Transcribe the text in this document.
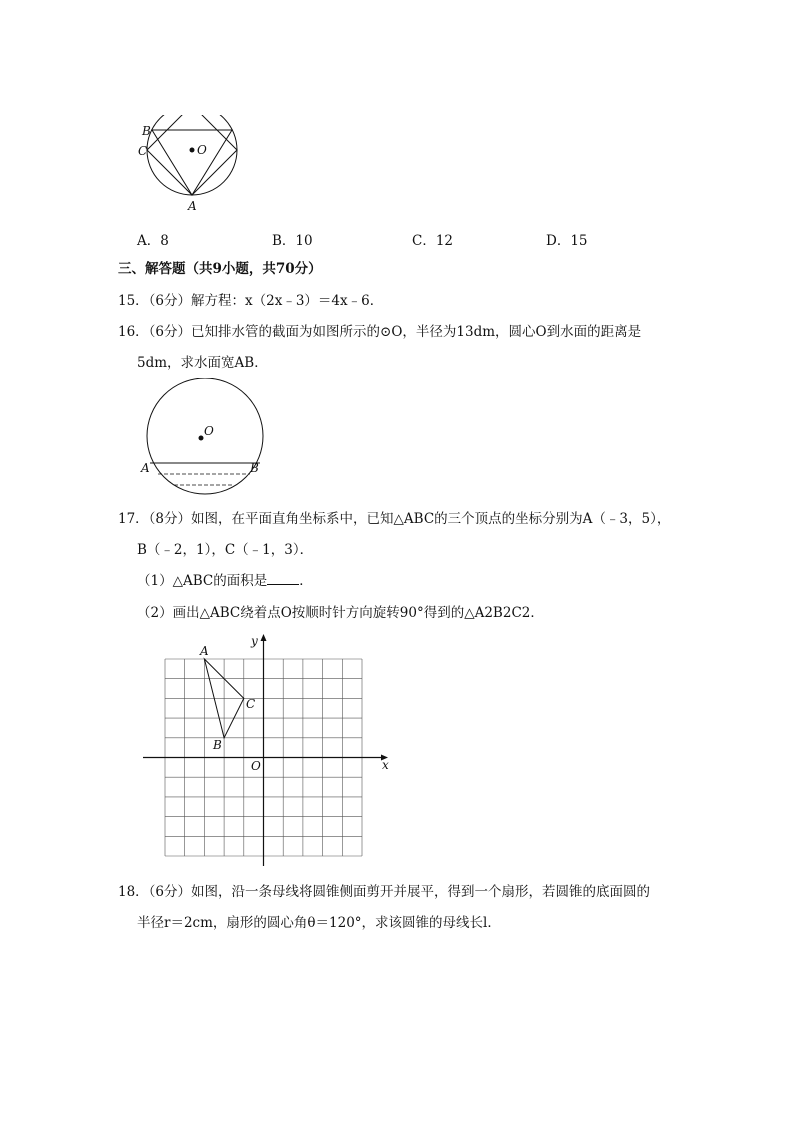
B
C	O
A
A．8	B．10	C．12	D．15
三、解答题（共9小题，共70分）
15．（6分）解方程：x（2x﹣3）＝4x﹣6．
16．（6分）已知排水管的截面为如图所示的⊙O，半径为13dm，圆心O到水面的距离是
5dm，求水面宽AB．
O
A	B
17．（8分）如图，在平面直角坐标系中，已知△ABC的三个顶点的坐标分别为A（﹣3，5），
B（﹣2，1），C（﹣1，3）．
（1）△ABC的面积是 ．
（2）画出△ABC绕着点O按顺时针方向旋转90°得到的△A2B2C2．
y
x
O
A
B
C
18．（6分）如图，沿一条母线将圆锥侧面剪开并展平，得到一个扇形，若圆锥的底面圆的
半径r＝2cm，扇形的圆心角θ＝120°，求该圆锥的母线长l．
